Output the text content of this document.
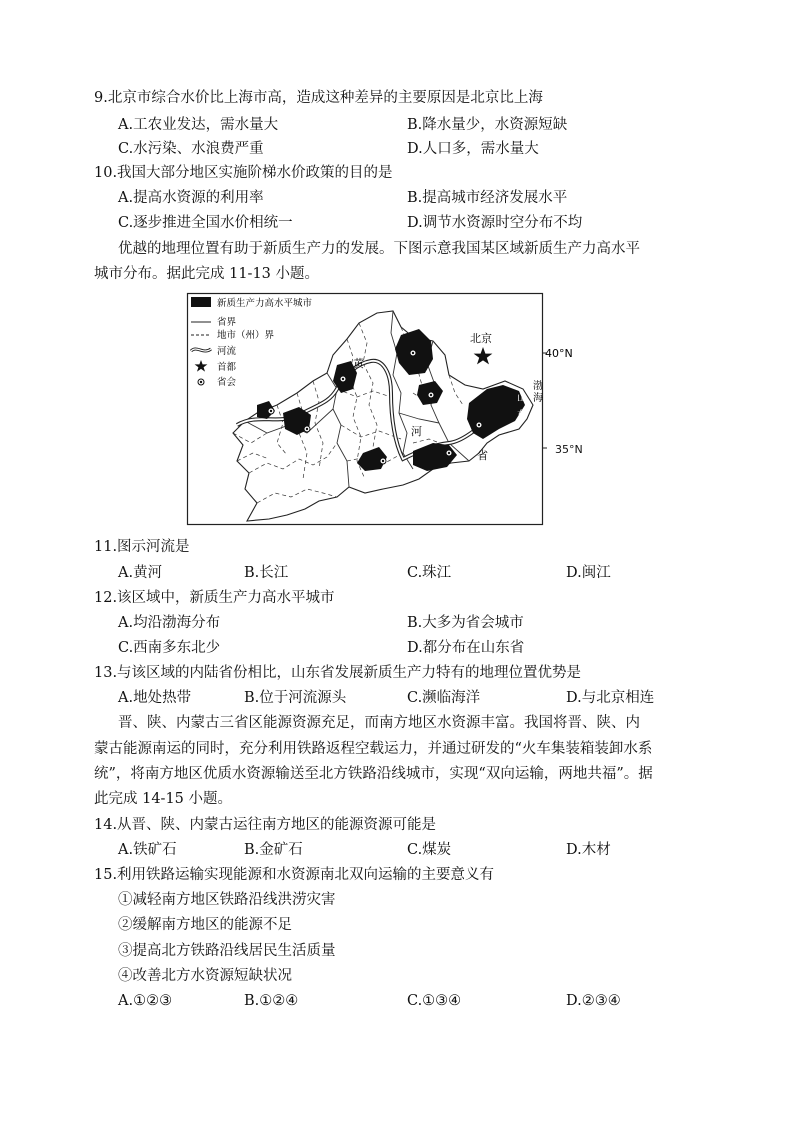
9.北京市综合水价比上海市高，造成这种差异的主要原因是北京比上海
A.工农业发达，需水量大	B.降水量少，水资源短缺
C.水污染、水浪费严重	D.人口多，需水量大
10.我国大部分地区实施阶梯水价政策的目的是
A.提高水资源的利用率	B.提高城市经济发展水平
C.逐步推进全国水价相统一	D.调节水资源时空分布不均
优越的地理位置有助于新质生产力的发展。下图示意我国某区域新质生产力高水平
城市分布。据此完成 11-13 小题。
北京
40°N
渤
海
山
东
省
黄
河
新质生产力高水平城市
省界
地市（州）界
河流
首都
省会
35°N
11.图示河流是
A.黄河	B.长江	C.珠江	D.闽江
12.该区域中，新质生产力高水平城市
A.均沿渤海分布	B.大多为省会城市
C.西南多东北少	D.都分布在山东省
13.与该区域的内陆省份相比，山东省发展新质生产力特有的地理位置优势是
A.地处热带	B.位于河流源头	C.濒临海洋	D.与北京相连
晋、陕、内蒙古三省区能源资源充足，而南方地区水资源丰富。我国将晋、陕、内
蒙古能源南运的同时，充分利用铁路返程空载运力，并通过研发的“火车集装箱装卸水系
统”，将南方地区优质水资源输送至北方铁路沿线城市，实现“双向运输，两地共福”。据
此完成 14-15 小题。
14.从晋、陕、内蒙古运往南方地区的能源资源可能是
A.铁矿石	B.金矿石	C.煤炭	D.木材
15.利用铁路运输实现能源和水资源南北双向运输的主要意义有
①减轻南方地区铁路沿线洪涝灾害
②缓解南方地区的能源不足
③提高北方铁路沿线居民生活质量
④改善北方水资源短缺状况
A.①②③	B.①②④	C.①③④	D.②③④
